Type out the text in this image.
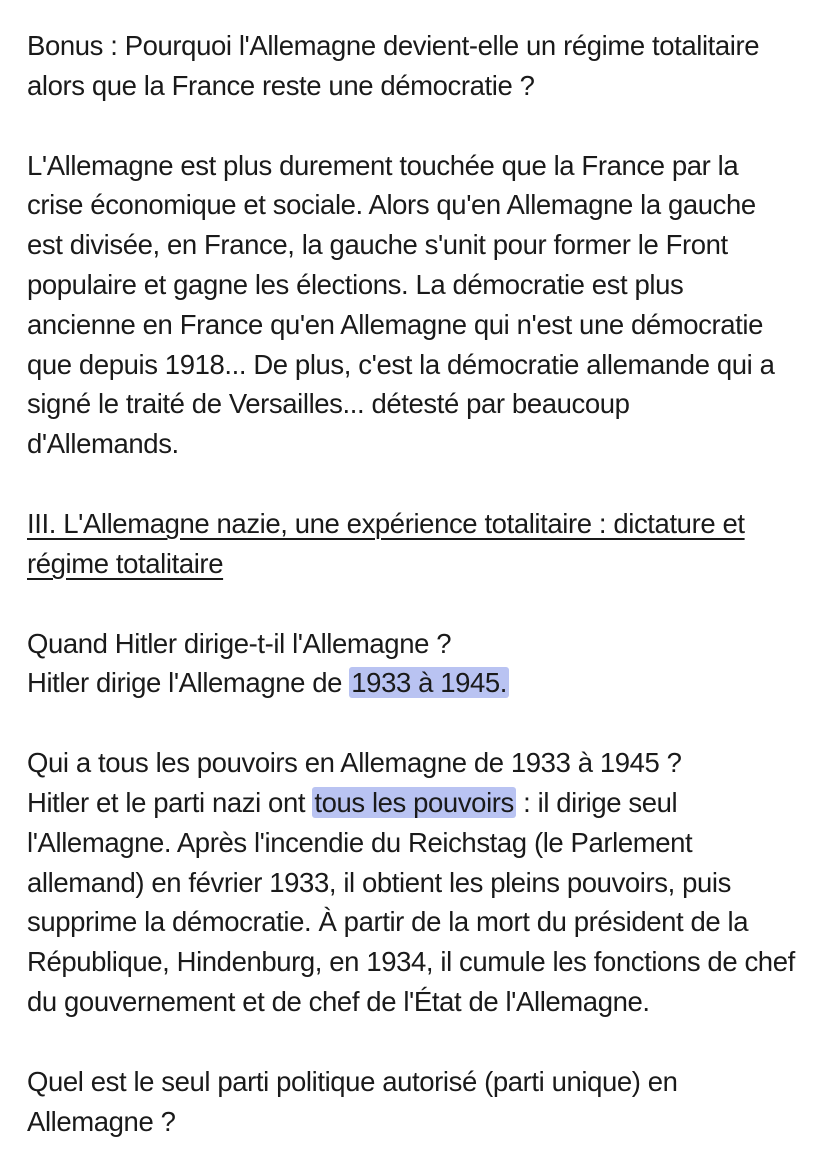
Bonus : Pourquoi l'Allemagne devient-elle un régime totalitaire
alors que la France reste une démocratie ?

L'Allemagne est plus durement touchée que la France par la
crise économique et sociale. Alors qu'en Allemagne la gauche
est divisée, en France, la gauche s'unit pour former le Front
populaire et gagne les élections. La démocratie est plus
ancienne en France qu'en Allemagne qui n'est une démocratie
que depuis 1918... De plus, c'est la démocratie allemande qui a
signé le traité de Versailles... détesté par beaucoup
d'Allemands.

III. L'Allemagne nazie, une expérience totalitaire : dictature et
régime totalitaire

Quand Hitler dirige-t-il l'Allemagne ?
Hitler dirige l'Allemagne de 1933 à 1945.

Qui a tous les pouvoirs en Allemagne de 1933 à 1945 ?
Hitler et le parti nazi ont tous les pouvoirs : il dirige seul
l'Allemagne. Après l'incendie du Reichstag (le Parlement
allemand) en février 1933, il obtient les pleins pouvoirs, puis
supprime la démocratie. À partir de la mort du président de la
République, Hindenburg, en 1934, il cumule les fonctions de chef
du gouvernement et de chef de l'État de l'Allemagne.

Quel est le seul parti politique autorisé (parti unique) en
Allemagne ?
